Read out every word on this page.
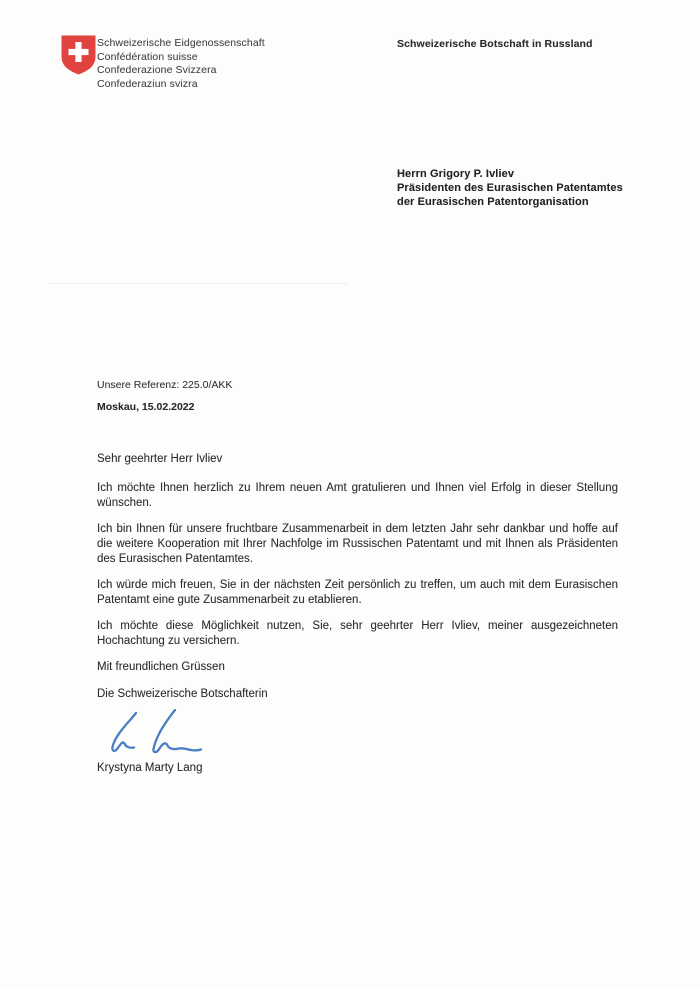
Schweizerische Eidgenossenschaft
Confédération suisse
Confederazione Svizzera
Confederaziun svizra
Schweizerische Botschaft in Russland
Herrn Grigory P. Ivliev
Präsidenten des Eurasischen Patentamtes
der Eurasischen Patentorganisation
Unsere Referenz: 225.0/AKK
Moskau, 15.02.2022

Sehr geehrter Herr Ivliev

Ich möchte Ihnen herzlich zu Ihrem neuen Amt gratulieren und Ihnen viel Erfolg in dieser Stellung wünschen.

Ich bin Ihnen für unsere fruchtbare Zusammenarbeit in dem letzten Jahr sehr dankbar und hoffe auf die weitere Kooperation mit Ihrer Nachfolge im Russischen Patentamt und mit Ihnen als Präsidenten des Eurasischen Patentamtes.

Ich würde mich freuen, Sie in der nächsten Zeit persönlich zu treffen, um auch mit dem Eurasischen Patentamt eine gute Zusammenarbeit zu etablieren.

Ich möchte diese Möglichkeit nutzen, Sie, sehr geehrter Herr Ivliev, meiner ausgezeichneten Hochachtung zu versichern.

Mit freundlichen Grüssen

Die Schweizerische Botschafterin

Krystyna Marty Lang
